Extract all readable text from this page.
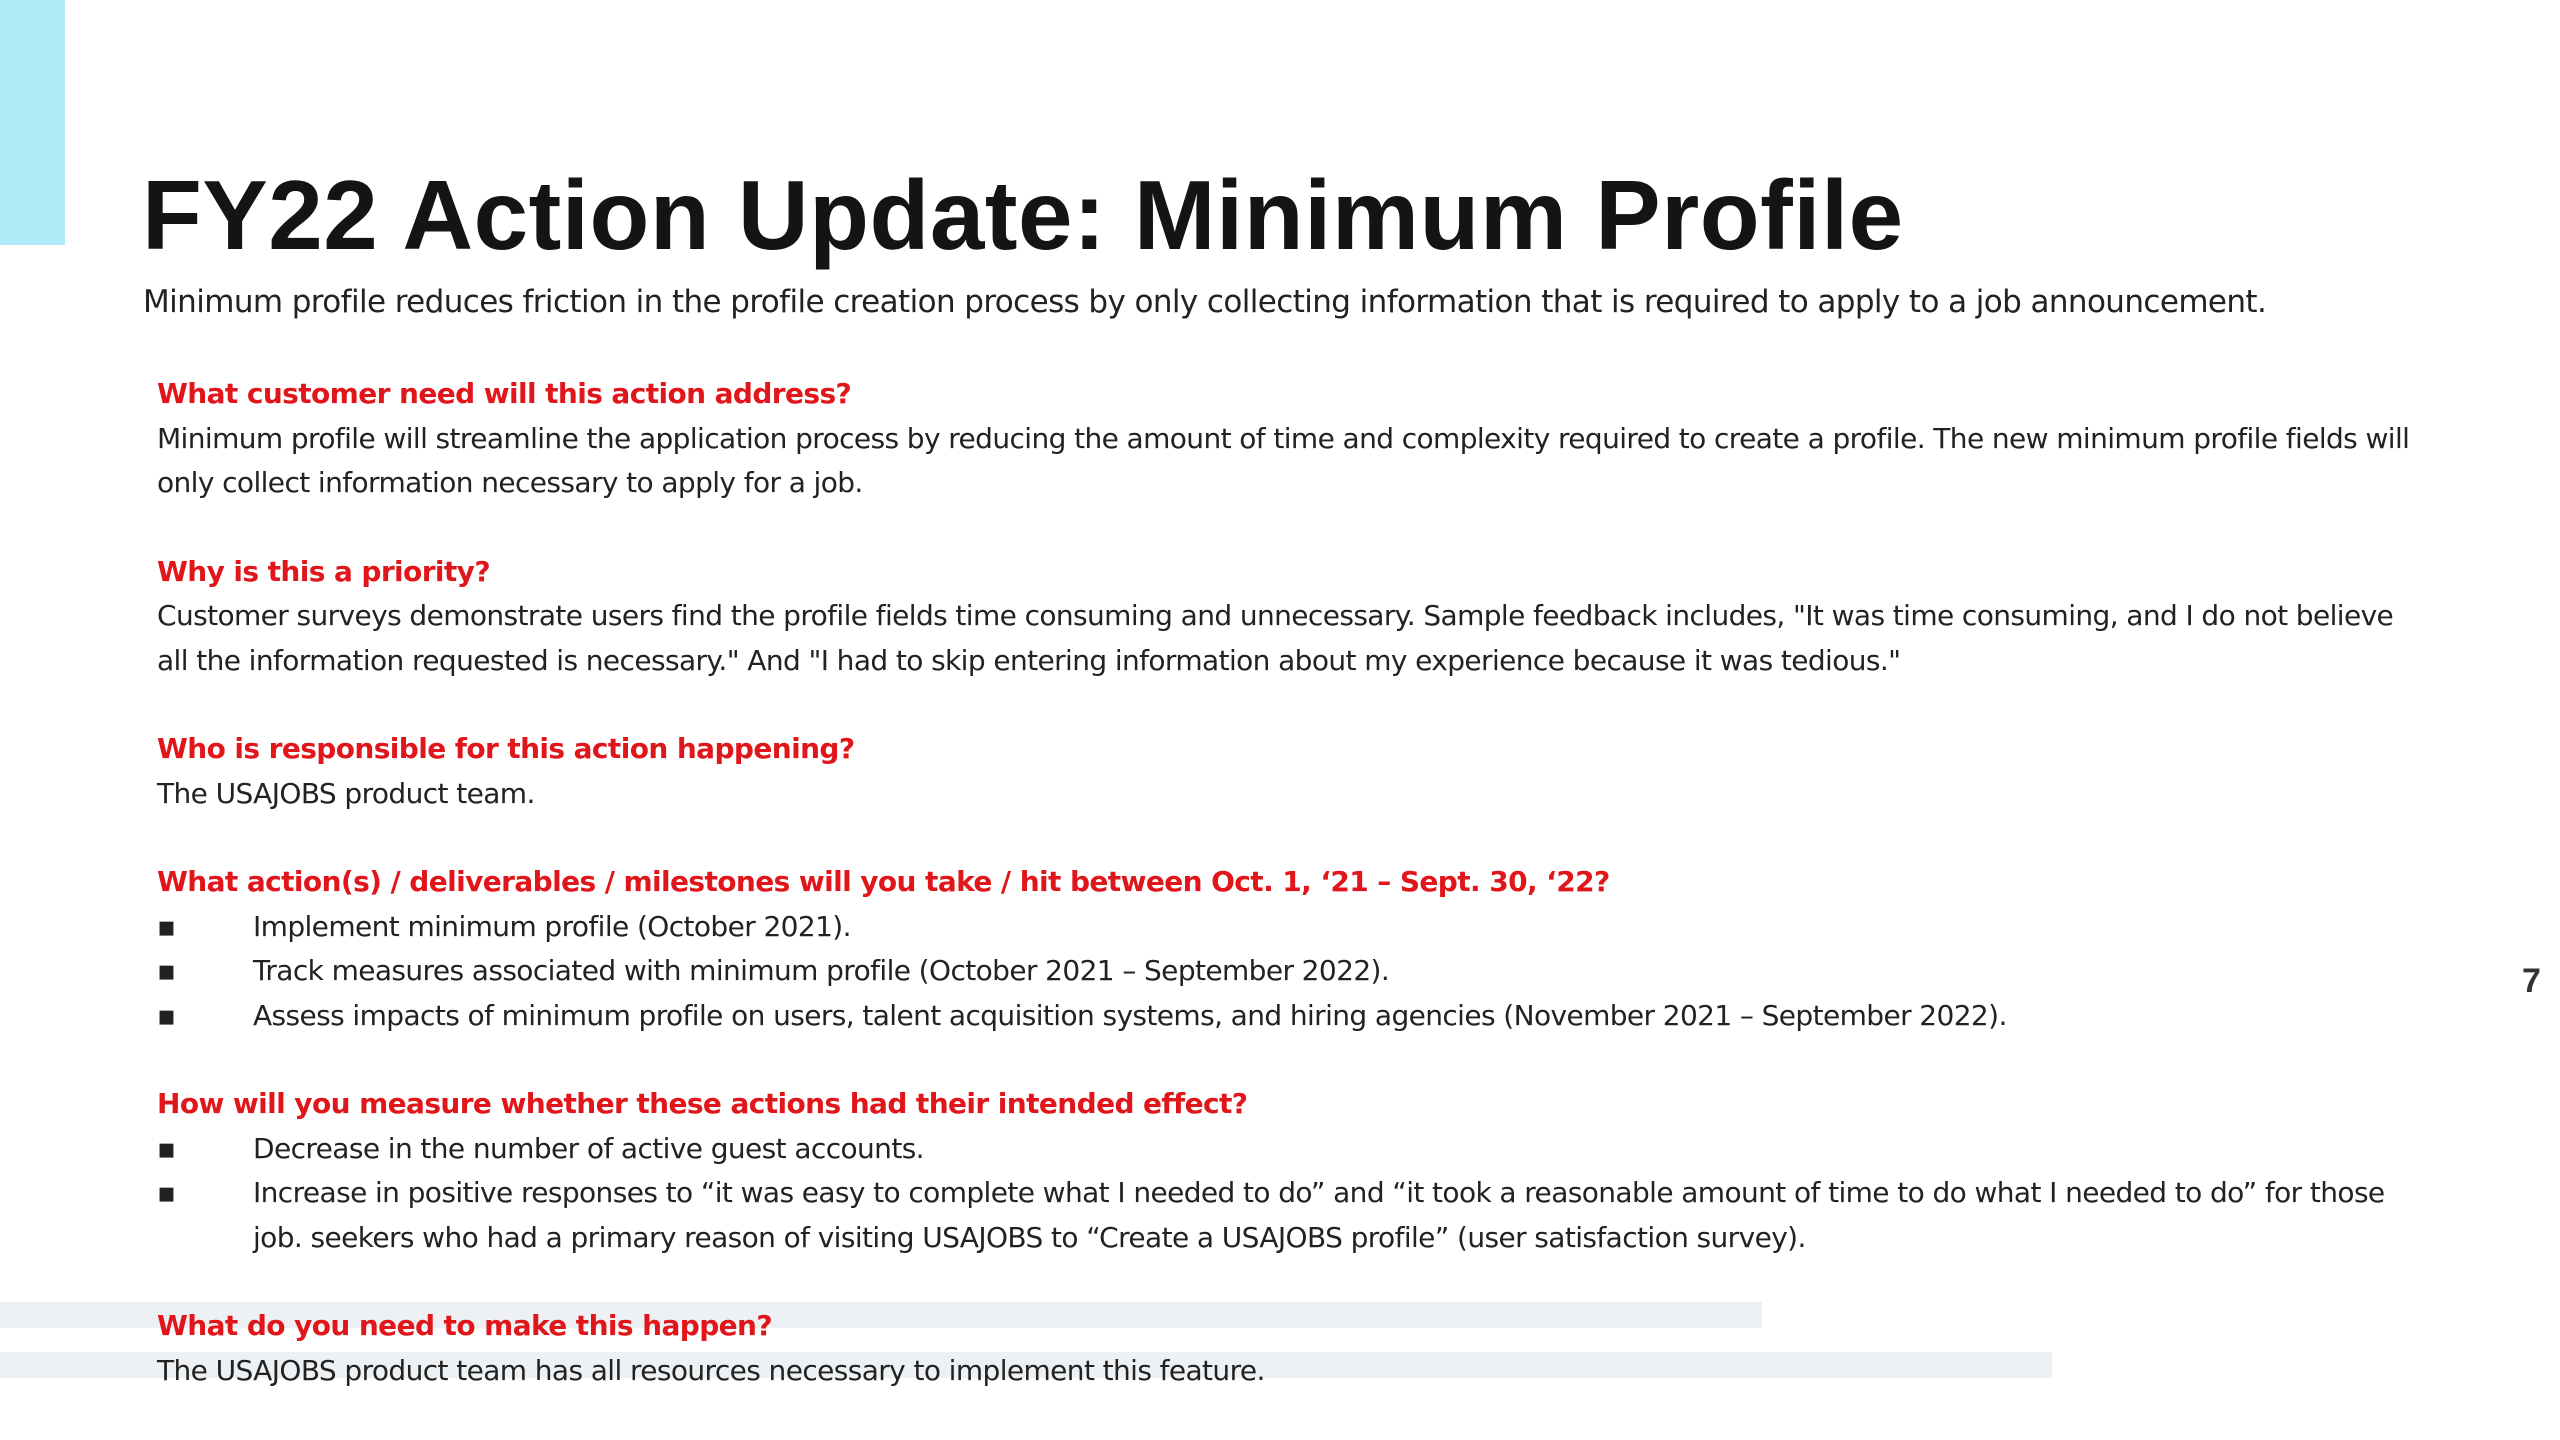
FY22 Action Update: Minimum Profile

Minimum profile reduces friction in the profile creation process by only collecting information that is required to apply to a job announcement.

What customer need will this action address?

Minimum profile will streamline the application process by reducing the amount of time and complexity required to create a profile. The new minimum profile fields will only collect information necessary to apply for a job.

Why is this a priority?

Customer surveys demonstrate users find the profile fields time consuming and unnecessary. Sample feedback includes, "It was time consuming, and I do not believe all the information requested is necessary." And "I had to skip entering information about my experience because it was tedious."

Who is responsible for this action happening?

The USAJOBS product team.

What action(s) / deliverables / milestones will you take / hit between Oct. 1, ‘21 – Sept. 30, ‘22?

▪	Implement minimum profile (October 2021).
▪	Track measures associated with minimum profile (October 2021 – September 2022).
▪	Assess impacts of minimum profile on users, talent acquisition systems, and hiring agencies (November 2021 – September 2022).

How will you measure whether these actions had their intended effect?

▪	Decrease in the number of active guest accounts.
▪	Increase in positive responses to “it was easy to complete what I needed to do” and “it took a reasonable amount of time to do what I needed to do” for those job. seekers who had a primary reason of visiting USAJOBS to “Create a USAJOBS profile” (user satisfaction survey).

What do you need to make this happen?

The USAJOBS product team has all resources necessary to implement this feature.

7
